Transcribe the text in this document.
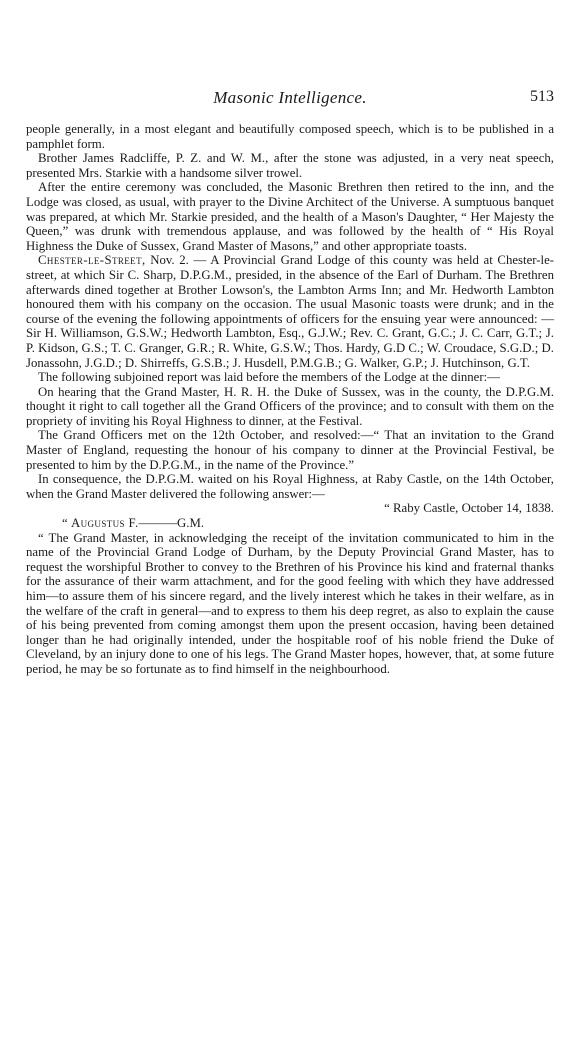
Masonic Intelligence.	513

people generally, in a most elegant and beautifully composed speech, which is to be published in a pamphlet form.

Brother James Radcliffe, P. Z. and W. M., after the stone was adjusted, in a very neat speech, presented Mrs. Starkie with a handsome silver trowel.

After the entire ceremony was concluded, the Masonic Brethren then retired to the inn, and the Lodge was closed, as usual, with prayer to the Divine Architect of the Universe. A sumptuous banquet was prepared, at which Mr. Starkie presided, and the health of a Mason's Daughter, “ Her Majesty the Queen,” was drunk with tremendous applause, and was followed by the health of “ His Royal Highness the Duke of Sussex, Grand Master of Masons,” and other appropriate toasts.

Chester-le-Street, Nov. 2. — A Provincial Grand Lodge of this county was held at Chester-le-street, at which Sir C. Sharp, D.P.G.M., presided, in the absence of the Earl of Durham. The Brethren afterwards dined together at Brother Lowson's, the Lambton Arms Inn; and Mr. Hedworth Lambton honoured them with his company on the occasion. The usual Masonic toasts were drunk; and in the course of the evening the following appointments of officers for the ensuing year were announced: — Sir H. Williamson, G.S.W.; Hedworth Lambton, Esq., G.J.W.; Rev. C. Grant, G.C.; J. C. Carr, G.T.; J. P. Kidson, G.S.; T. C. Granger, G.R.; R. White, G.S.W.; Thos. Hardy, G.D C.; W. Croudace, S.G.D.; D. Jonassohn, J.G.D.; D. Shirreffs, G.S.B.; J. Husdell, P.M.G.B.; G. Walker, G.P.; J. Hutchinson, G.T.

The following subjoined report was laid before the members of the Lodge at the dinner:—

On hearing that the Grand Master, H. R. H. the Duke of Sussex, was in the county, the D.P.G.M. thought it right to call together all the Grand Officers of the province; and to consult with them on the propriety of inviting his Royal Highness to dinner, at the Festival.

The Grand Officers met on the 12th October, and resolved:—“ That an invitation to the Grand Master of England, requesting the honour of his company to dinner at the Provincial Festival, be presented to him by the D.P.G.M., in the name of the Province.”

In consequence, the D.P.G.M. waited on his Royal Highness, at Raby Castle, on the 14th October, when the Grand Master delivered the following answer:—

“ Raby Castle, October 14, 1838.

“ Augustus F.———G.M.

“ The Grand Master, in acknowledging the receipt of the invitation communicated to him in the name of the Provincial Grand Lodge of Durham, by the Deputy Provincial Grand Master, has to request the worshipful Brother to convey to the Brethren of his Province his kind and fraternal thanks for the assurance of their warm attachment, and for the good feeling with which they have addressed him—to assure them of his sincere regard, and the lively interest which he takes in their welfare, as in the welfare of the craft in general—and to express to them his deep regret, as also to explain the cause of his being prevented from coming amongst them upon the present occasion, having been detained longer than he had originally intended, under the hospitable roof of his noble friend the Duke of Cleveland, by an injury done to one of his legs. The Grand Master hopes, however, that, at some future period, he may be so fortunate as to find himself in the neighbourhood.
